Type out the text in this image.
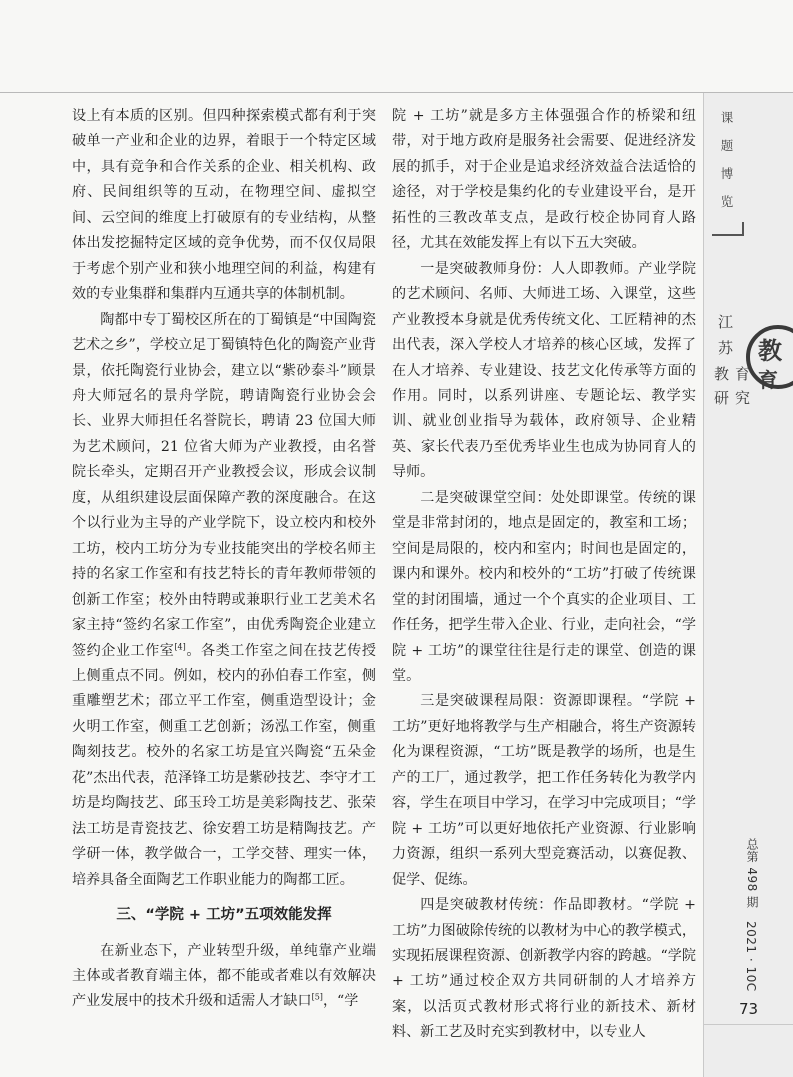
设上有本质的区别。但四种探索模式都有利于突破单一产业和企业的边界，着眼于一个特定区域中，具有竞争和合作关系的企业、相关机构、政府、民间组织等的互动，在物理空间、虚拟空间、云空间的维度上打破原有的专业结构，从整体出发挖掘特定区域的竞争优势，而不仅仅局限于考虑个别产业和狭小地理空间的利益，构建有效的专业集群和集群内互通共享的体制机制。

陶都中专丁蜀校区所在的丁蜀镇是“中国陶瓷艺术之乡”，学校立足丁蜀镇特色化的陶瓷产业背景，依托陶瓷行业协会，建立以“紫砂泰斗”顾景舟大师冠名的景舟学院，聘请陶瓷行业协会会长、业界大师担任名誉院长，聘请 23 位国大师为艺术顾问，21 位省大师为产业教授，由名誉院长牵头，定期召开产业教授会议，形成会议制度，从组织建设层面保障产教的深度融合。在这个以行业为主导的产业学院下，设立校内和校外工坊，校内工坊分为专业技能突出的学校名师主持的名家工作室和有技艺特长的青年教师带领的创新工作室；校外由特聘或兼职行业工艺美术名家主持“签约名家工作室”，由优秀陶瓷企业建立签约企业工作室[4]。各类工作室之间在技艺传授上侧重点不同。例如，校内的孙伯春工作室，侧重雕塑艺术；邵立平工作室，侧重造型设计；金火明工作室，侧重工艺创新；汤泓工作室，侧重陶刻技艺。校外的名家工坊是宜兴陶瓷“五朵金花”杰出代表，范泽锋工坊是紫砂技艺、李守才工坊是均陶技艺、邱玉玲工坊是美彩陶技艺、张荣法工坊是青瓷技艺、徐安碧工坊是精陶技艺。产学研一体，教学做合一，工学交替、理实一体，培养具备全面陶艺工作职业能力的陶都工匠。

三、“学院 + 工坊”五项效能发挥

在新业态下，产业转型升级，单纯靠产业端主体或者教育端主体，都不能或者难以有效解决产业发展中的技术升级和适需人才缺口[5]，“学

院 + 工坊”就是多方主体强强合作的桥梁和纽带，对于地方政府是服务社会需要、促进经济发展的抓手，对于企业是追求经济效益合法适恰的途径，对于学校是集约化的专业建设平台，是开拓性的三教改革支点，是政行校企协同育人路径，尤其在效能发挥上有以下五大突破。

一是突破教师身份：人人即教师。产业学院的艺术顾问、名师、大师进工场、入课堂，这些产业教授本身就是优秀传统文化、工匠精神的杰出代表，深入学校人才培养的核心区域，发挥了在人才培养、专业建设、技艺文化传承等方面的作用。同时，以系列讲座、专题论坛、教学实训、就业创业指导为载体，政府领导、企业精英、家长代表乃至优秀毕业生也成为协同育人的导师。

二是突破课堂空间：处处即课堂。传统的课堂是非常封闭的，地点是固定的，教室和工场；空间是局限的，校内和室内；时间也是固定的，课内和课外。校内和校外的“工坊”打破了传统课堂的封闭围墙，通过一个个真实的企业项目、工作任务，把学生带入企业、行业，走向社会，“学院 + 工坊”的课堂往往是行走的课堂、创造的课堂。

三是突破课程局限：资源即课程。“学院 + 工坊”更好地将教学与生产相融合，将生产资源转化为课程资源，“工坊”既是教学的场所，也是生产的工厂，通过教学，把工作任务转化为教学内容，学生在项目中学习，在学习中完成项目；“学院 + 工坊”可以更好地依托产业资源、行业影响力资源，组织一系列大型竞赛活动，以赛促教、促学、促练。

四是突破教材传统：作品即教材。“学院 + 工坊”力图破除传统的以教材为中心的教学模式，实现拓展课程资源、创新教学内容的跨越。“学院 + 工坊”通过校企双方共同研制的人才培养方案，以活页式教材形式将行业的新技术、新材料、新工艺及时充实到教材中，以专业人

课
题
博
览
江
苏
教 育
研 究
教
育
总第 498 期
2021 · 10C
73
